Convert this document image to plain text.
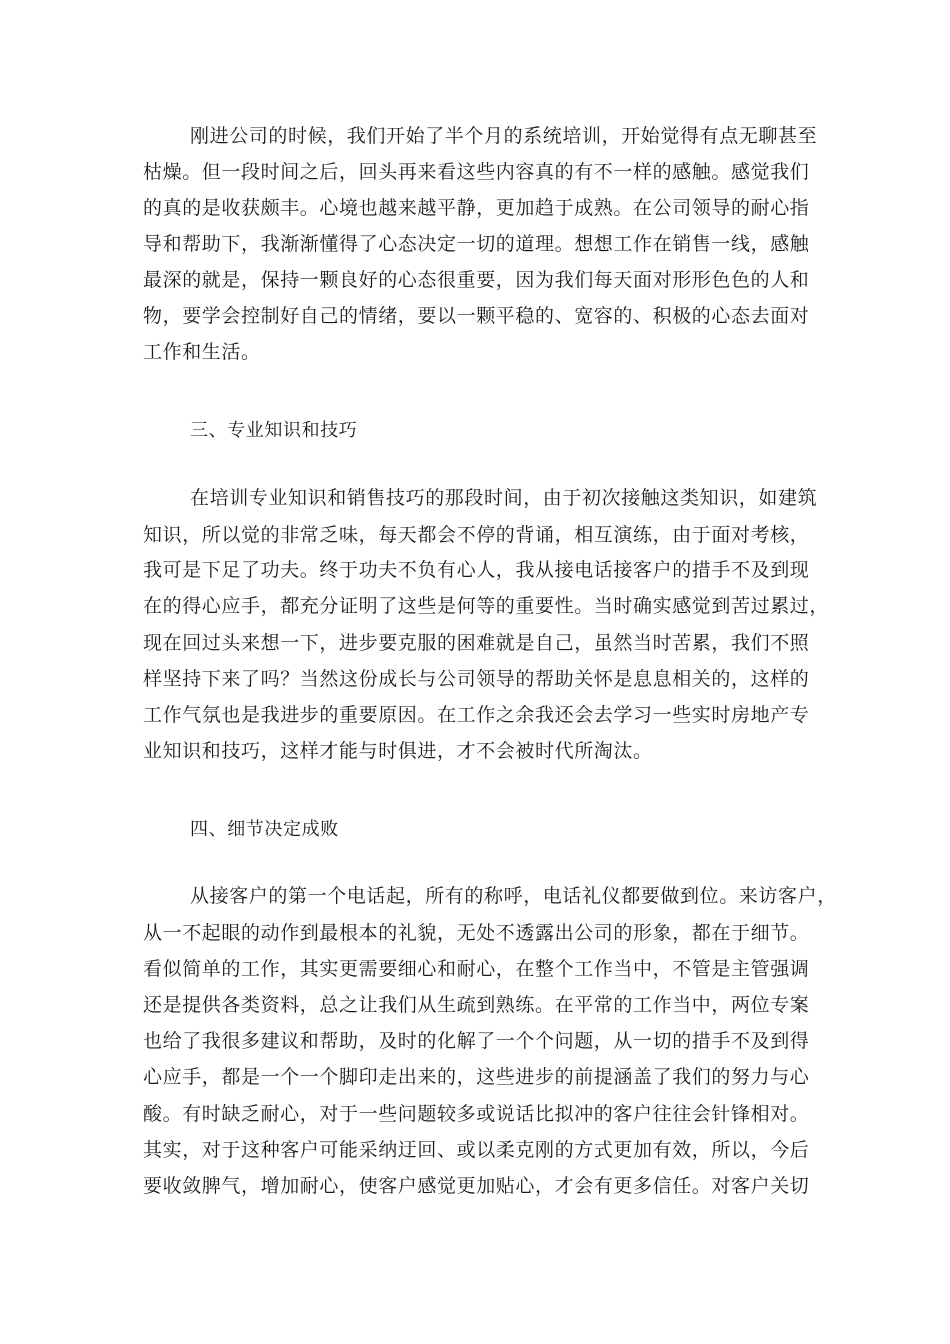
刚进公司的时候，我们开始了半个月的系统培训，开始觉得有点无聊甚至
枯燥。但一段时间之后，回头再来看这些内容真的有不一样的感触。感觉我们
的真的是收获颇丰。心境也越来越平静，更加趋于成熟。在公司领导的耐心指
导和帮助下，我渐渐懂得了心态决定一切的道理。想想工作在销售一线，感触
最深的就是，保持一颗良好的心态很重要，因为我们每天面对形形色色的人和
物，要学会控制好自己的情绪，要以一颗平稳的、宽容的、积极的心态去面对
工作和生活。
三、专业知识和技巧
在培训专业知识和销售技巧的那段时间，由于初次接触这类知识，如建筑
知识，所以觉的非常乏味，每天都会不停的背诵，相互演练，由于面对考核，
我可是下足了功夫。终于功夫不负有心人，我从接电话接客户的措手不及到现
在的得心应手，都充分证明了这些是何等的重要性。当时确实感觉到苦过累过，
现在回过头来想一下，进步要克服的困难就是自己，虽然当时苦累，我们不照
样坚持下来了吗？当然这份成长与公司领导的帮助关怀是息息相关的，这样的
工作气氛也是我进步的重要原因。在工作之余我还会去学习一些实时房地产专
业知识和技巧，这样才能与时俱进，才不会被时代所淘汰。
四、细节决定成败
从接客户的第一个电话起，所有的称呼，电话礼仪都要做到位。来访客户，
从一不起眼的动作到最根本的礼貌，无处不透露出公司的形象，都在于细节。
看似简单的工作，其实更需要细心和耐心，在整个工作当中，不管是主管强调
还是提供各类资料，总之让我们从生疏到熟练。在平常的工作当中，两位专案
也给了我很多建议和帮助，及时的化解了一个个问题，从一切的措手不及到得
心应手，都是一个一个脚印走出来的，这些进步的前提涵盖了我们的努力与心
酸。有时缺乏耐心，对于一些问题较多或说话比拟冲的客户往往会针锋相对。
其实，对于这种客户可能采纳迂回、或以柔克刚的方式更加有效，所以，今后
要收敛脾气，增加耐心，使客户感觉更加贴心，才会有更多信任。对客户关切
